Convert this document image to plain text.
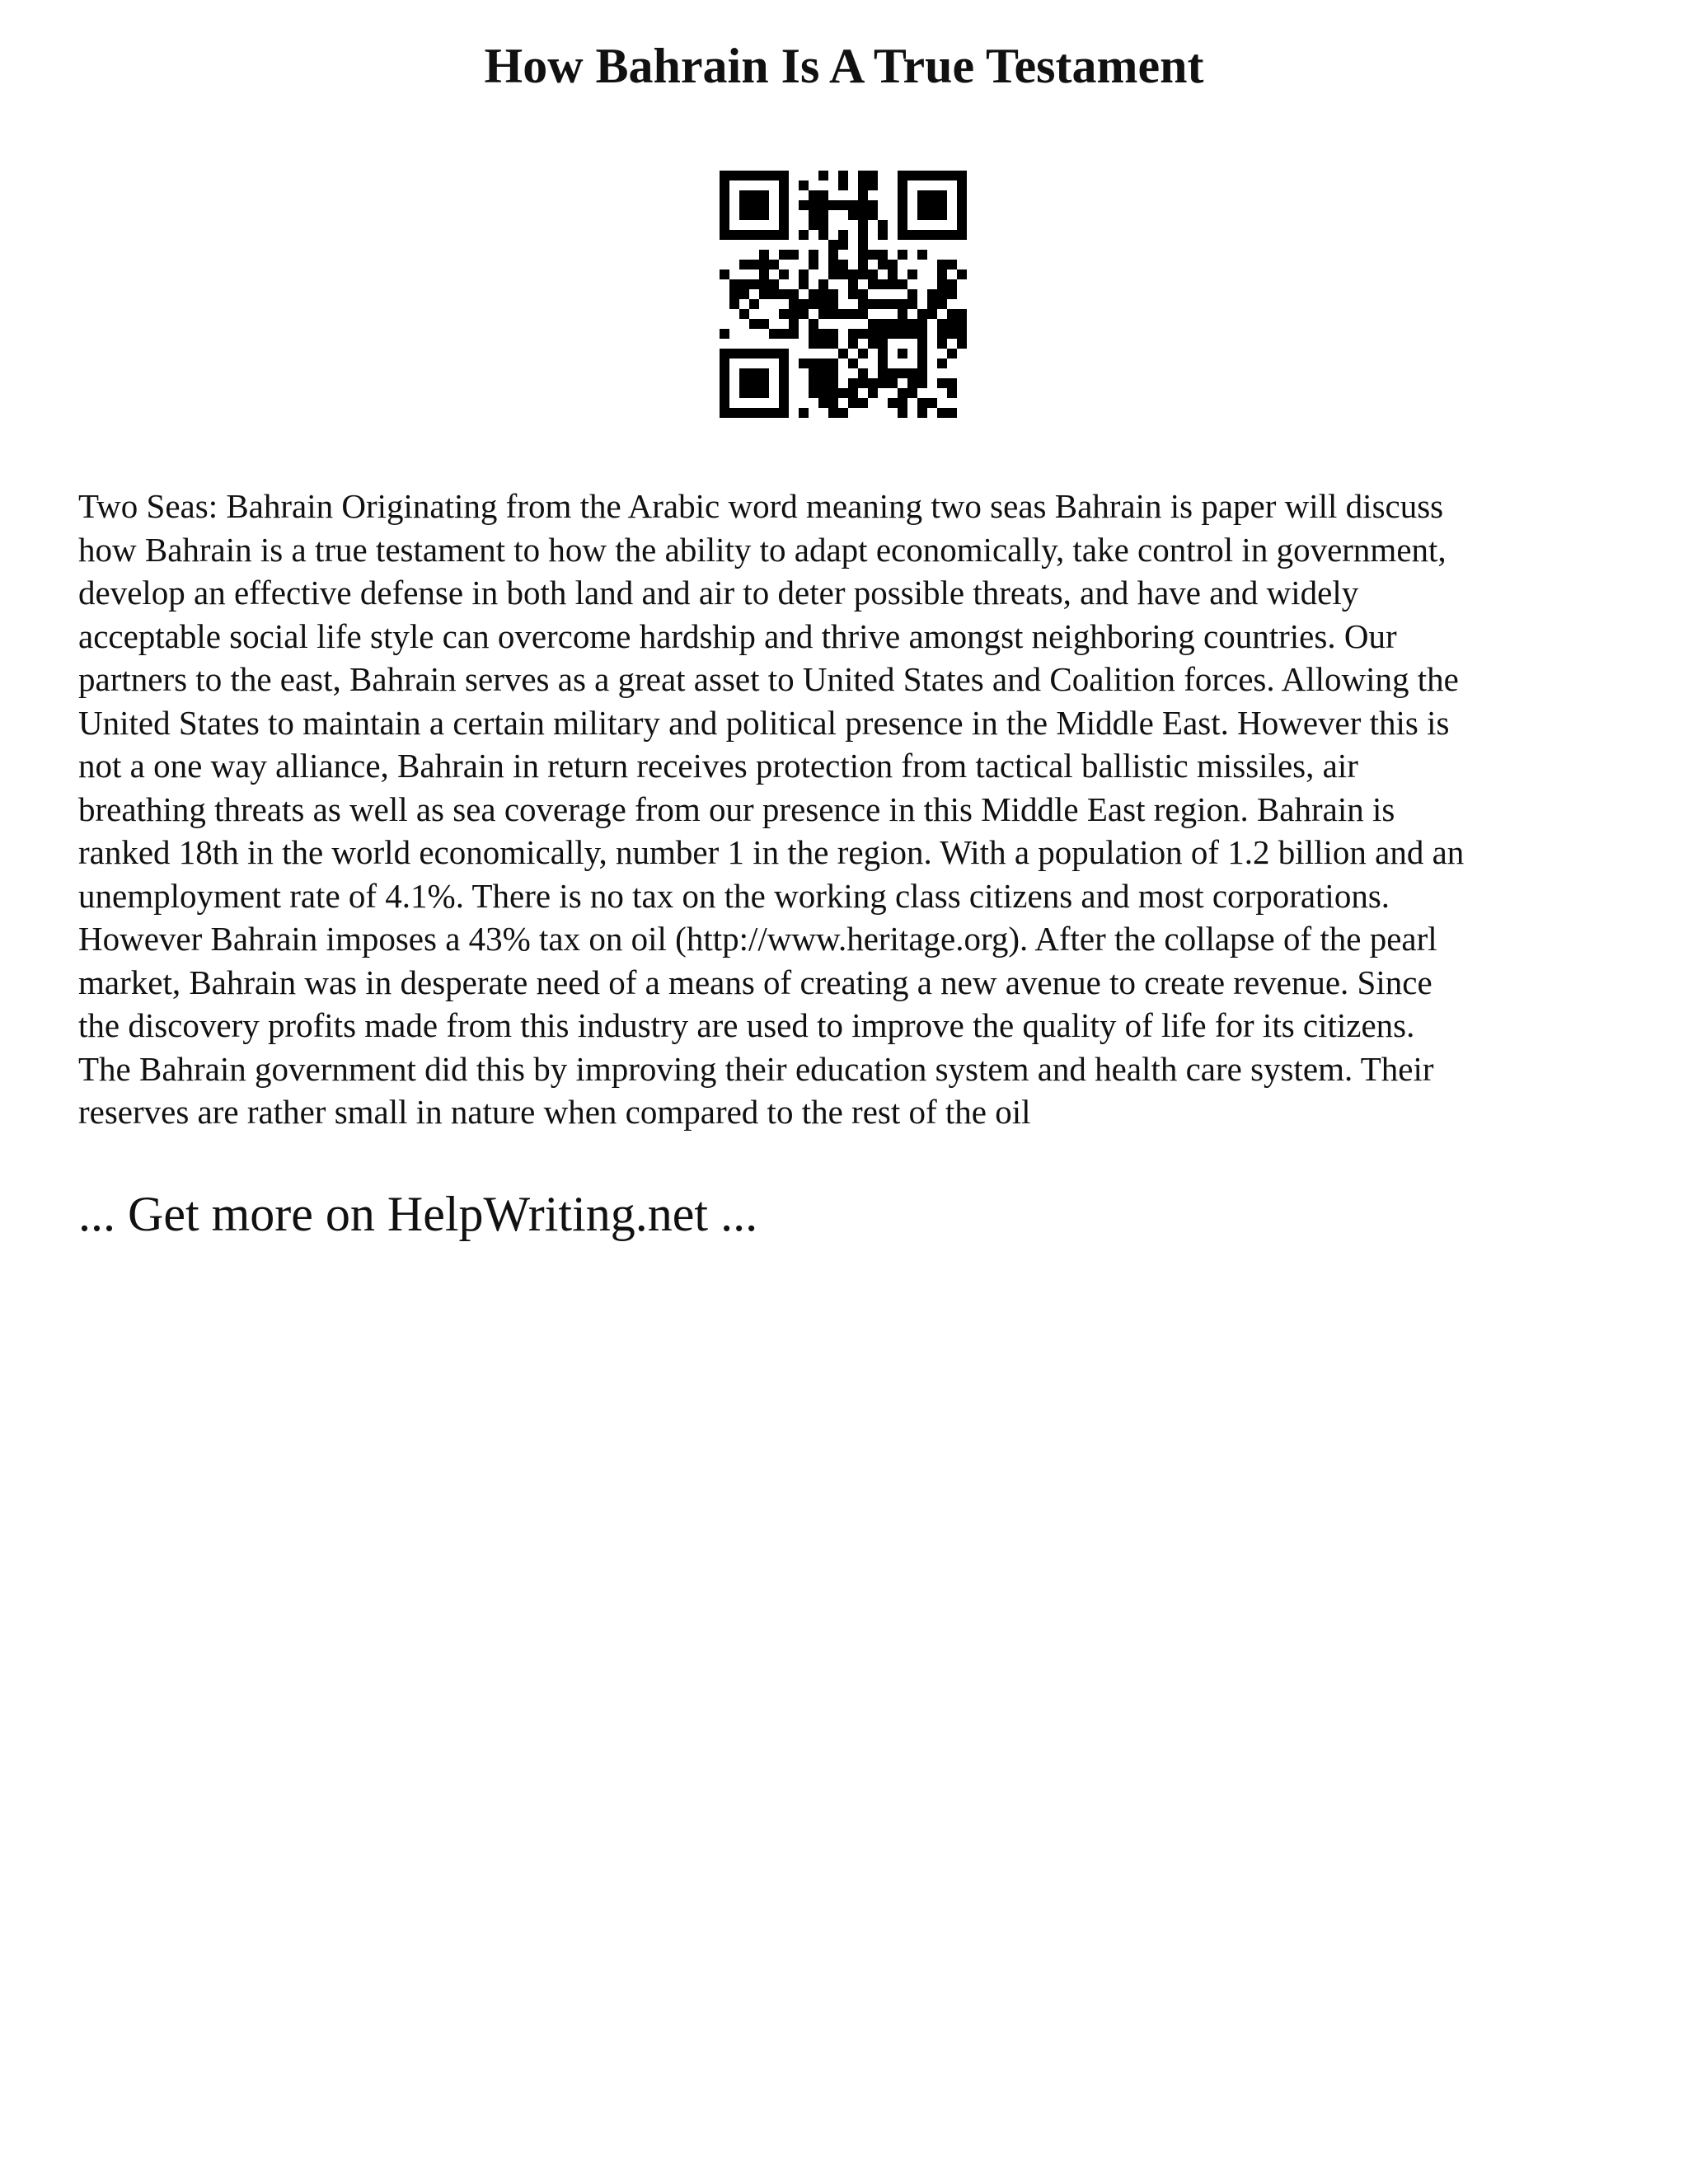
How Bahrain Is A True Testament

Two Seas: Bahrain Originating from the Arabic word meaning two seas Bahrain is paper will discuss
how Bahrain is a true testament to how the ability to adapt economically, take control in government,
develop an effective defense in both land and air to deter possible threats, and have and widely
acceptable social life style can overcome hardship and thrive amongst neighboring countries. Our
partners to the east, Bahrain serves as a great asset to United States and Coalition forces. Allowing the
United States to maintain a certain military and political presence in the Middle East. However this is
not a one way alliance, Bahrain in return receives protection from tactical ballistic missiles, air
breathing threats as well as sea coverage from our presence in this Middle East region. Bahrain is
ranked 18th in the world economically, number 1 in the region. With a population of 1.2 billion and an
unemployment rate of 4.1%. There is no tax on the working class citizens and most corporations.
However Bahrain imposes a 43% tax on oil (http://www.heritage.org). After the collapse of the pearl
market, Bahrain was in desperate need of a means of creating a new avenue to create revenue. Since
the discovery profits made from this industry are used to improve the quality of life for its citizens.
The Bahrain government did this by improving their education system and health care system. Their
reserves are rather small in nature when compared to the rest of the oil

... Get more on HelpWriting.net ...
